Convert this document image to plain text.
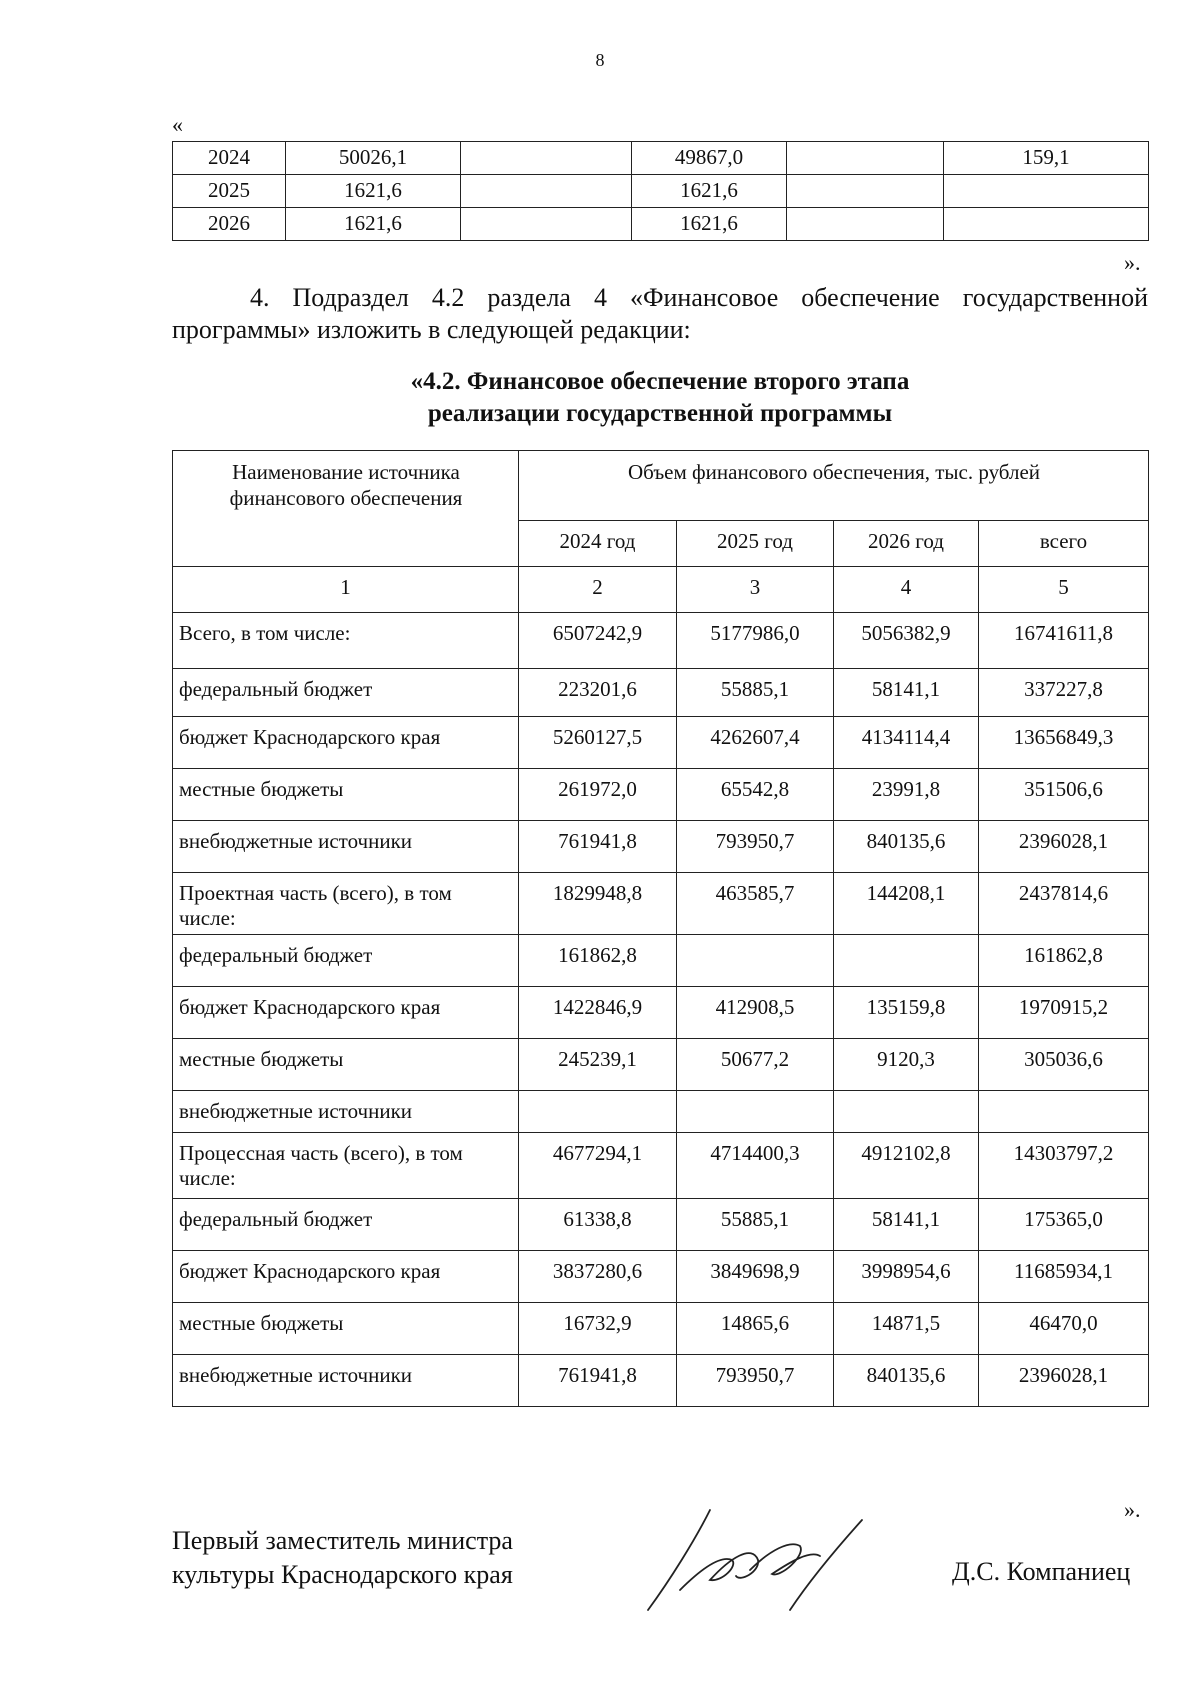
8
«
2024	50026,1		49867,0		159,1
2025	1621,6		1621,6		
2026	1621,6		1621,6		
».
4. Подраздел 4.2 раздела 4 «Финансовое обеспечение государственной программы» изложить в следующей редакции:
«4.2. Финансовое обеспечение второго этапа
реализации государственной программы
Наименование источника финансового обеспечения	Объем финансового обеспечения, тыс. рублей			
	2024 год	2025 год	2026 год	всего
1	2	3	4	5
Всего, в том числе:	6507242,9	5177986,0	5056382,9	16741611,8
федеральный бюджет	223201,6	55885,1	58141,1	337227,8
бюджет Краснодарского края	5260127,5	4262607,4	4134114,4	13656849,3
местные бюджеты	261972,0	65542,8	23991,8	351506,6
внебюджетные источники	761941,8	793950,7	840135,6	2396028,1
Проектная часть (всего), в том числе:	1829948,8	463585,7	144208,1	2437814,6
федеральный бюджет	161862,8			161862,8
бюджет Краснодарского края	1422846,9	412908,5	135159,8	1970915,2
местные бюджеты	245239,1	50677,2	9120,3	305036,6
внебюджетные источники				
Процессная часть (всего), в том числе:	4677294,1	4714400,3	4912102,8	14303797,2
федеральный бюджет	61338,8	55885,1	58141,1	175365,0
бюджет Краснодарского края	3837280,6	3849698,9	3998954,6	11685934,1
местные бюджеты	16732,9	14865,6	14871,5	46470,0
внебюджетные источники	761941,8	793950,7	840135,6	2396028,1
».
Первый заместитель министра
культуры Краснодарского края	Д.С. Компаниец
